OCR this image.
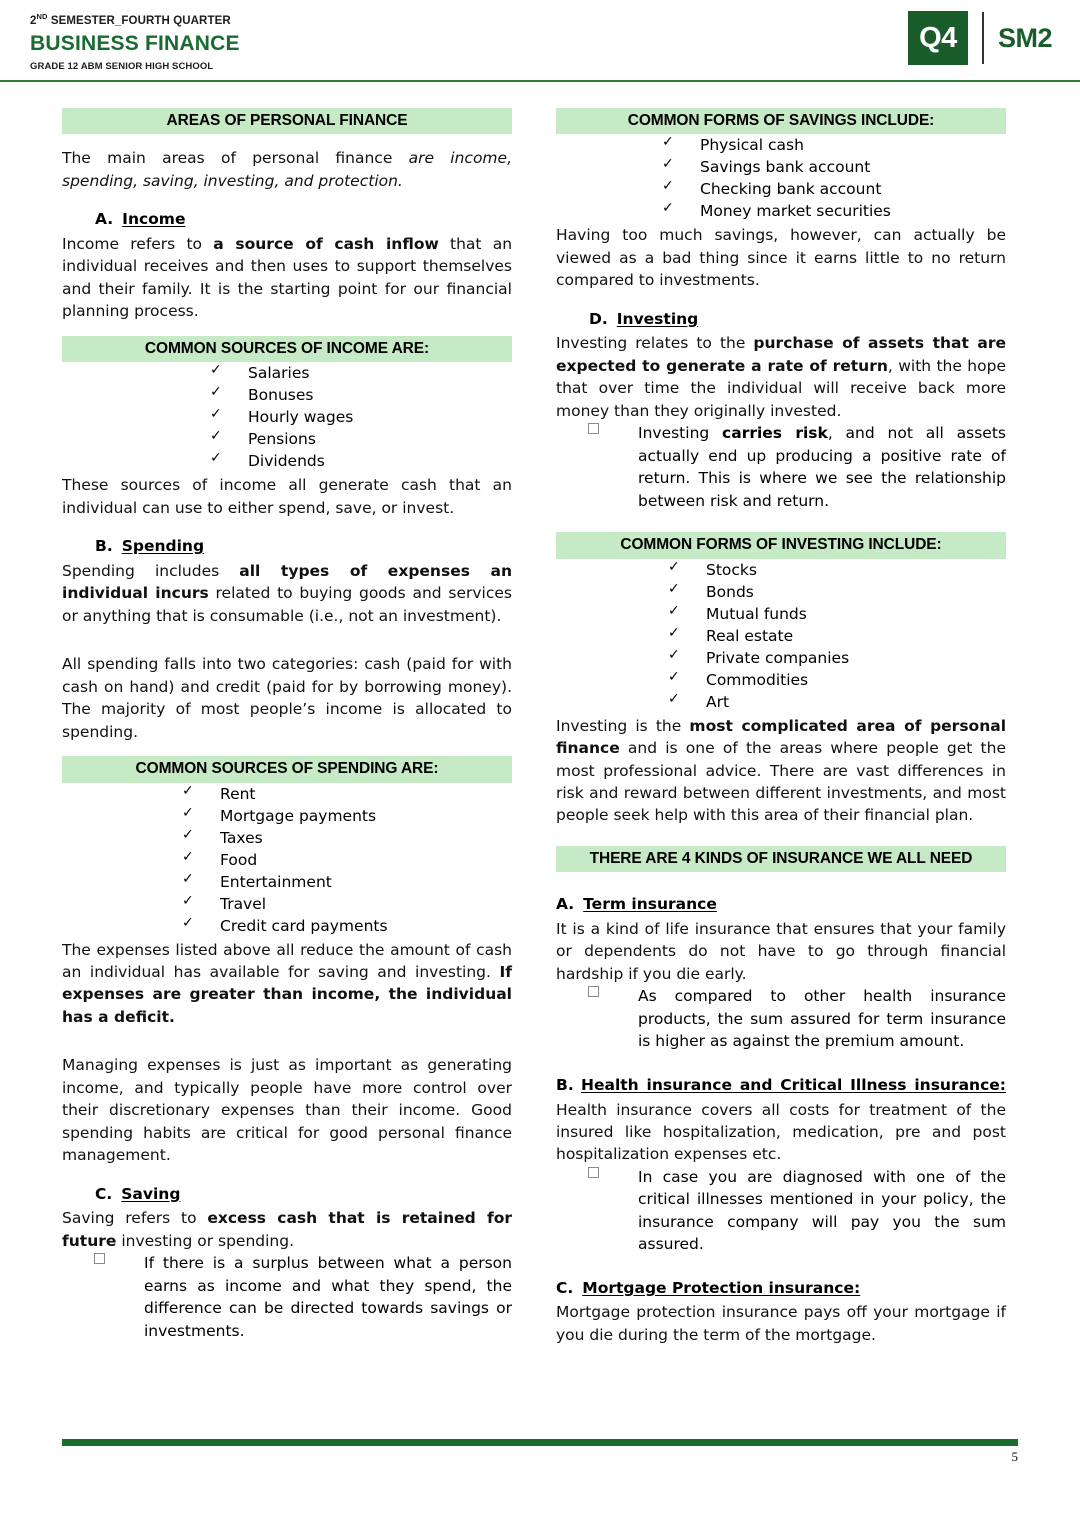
2ND SEMESTER_FOURTH QUARTER
BUSINESS FINANCE
GRADE 12 ABM SENIOR HIGH SCHOOL
Q4	SM2
AREAS OF PERSONAL FINANCE

The main areas of personal finance are income, spending, saving, investing, and protection.

A. Income

Income refers to a source of cash inflow that an individual receives and then uses to support themselves and their family. It is the starting point for our financial planning process.

COMMON SOURCES OF INCOME ARE:
✓ Salaries
✓ Bonuses
✓ Hourly wages
✓ Pensions
✓ Dividends

These sources of income all generate cash that an individual can use to either spend, save, or invest.

B. Spending

Spending includes all types of expenses an individual incurs related to buying goods and services or anything that is consumable (i.e., not an investment).

All spending falls into two categories: cash (paid for with cash on hand) and credit (paid for by borrowing money). The majority of most people’s income is allocated to spending.

COMMON SOURCES OF SPENDING ARE:
✓ Rent
✓ Mortgage payments
✓ Taxes
✓ Food
✓ Entertainment
✓ Travel
✓ Credit card payments

The expenses listed above all reduce the amount of cash an individual has available for saving and investing. If expenses are greater than income, the individual has a deficit.

Managing expenses is just as important as generating income, and typically people have more control over their discretionary expenses than their income. Good spending habits are critical for good personal finance management.

C. Saving

Saving refers to excess cash that is retained for future investing or spending.

If there is a surplus between what a person earns as income and what they spend, the difference can be directed towards savings or investments.
COMMON FORMS OF SAVINGS INCLUDE:
✓ Physical cash
✓ Savings bank account
✓ Checking bank account
✓ Money market securities

Having too much savings, however, can actually be viewed as a bad thing since it earns little to no return compared to investments.

D. Investing

Investing relates to the purchase of assets that are expected to generate a rate of return, with the hope that over time the individual will receive back more money than they originally invested.

Investing carries risk, and not all assets actually end up producing a positive rate of return. This is where we see the relationship between risk and return.
COMMON FORMS OF INVESTING INCLUDE:
✓ Stocks
✓ Bonds
✓ Mutual funds
✓ Real estate
✓ Private companies
✓ Commodities
✓ Art

Investing is the most complicated area of personal finance and is one of the areas where people get the most professional advice. There are vast differences in risk and reward between different investments, and most people seek help with this area of their financial plan.

THERE ARE 4 KINDS OF INSURANCE WE ALL NEED
A. Term insurance

It is a kind of life insurance that ensures that your family or dependents do not have to go through financial hardship if you die early.

As compared to other health insurance products, the sum assured for term insurance is higher as against the premium amount.
B. Health insurance and Critical Illness insurance:

Health insurance covers all costs for treatment of the insured like hospitalization, medication, pre and post hospitalization expenses etc.

In case you are diagnosed with one of the critical illnesses mentioned in your policy, the insurance company will pay you the sum assured.
C. Mortgage Protection insurance:

Mortgage protection insurance pays off your mortgage if you die during the term of the mortgage.

5
